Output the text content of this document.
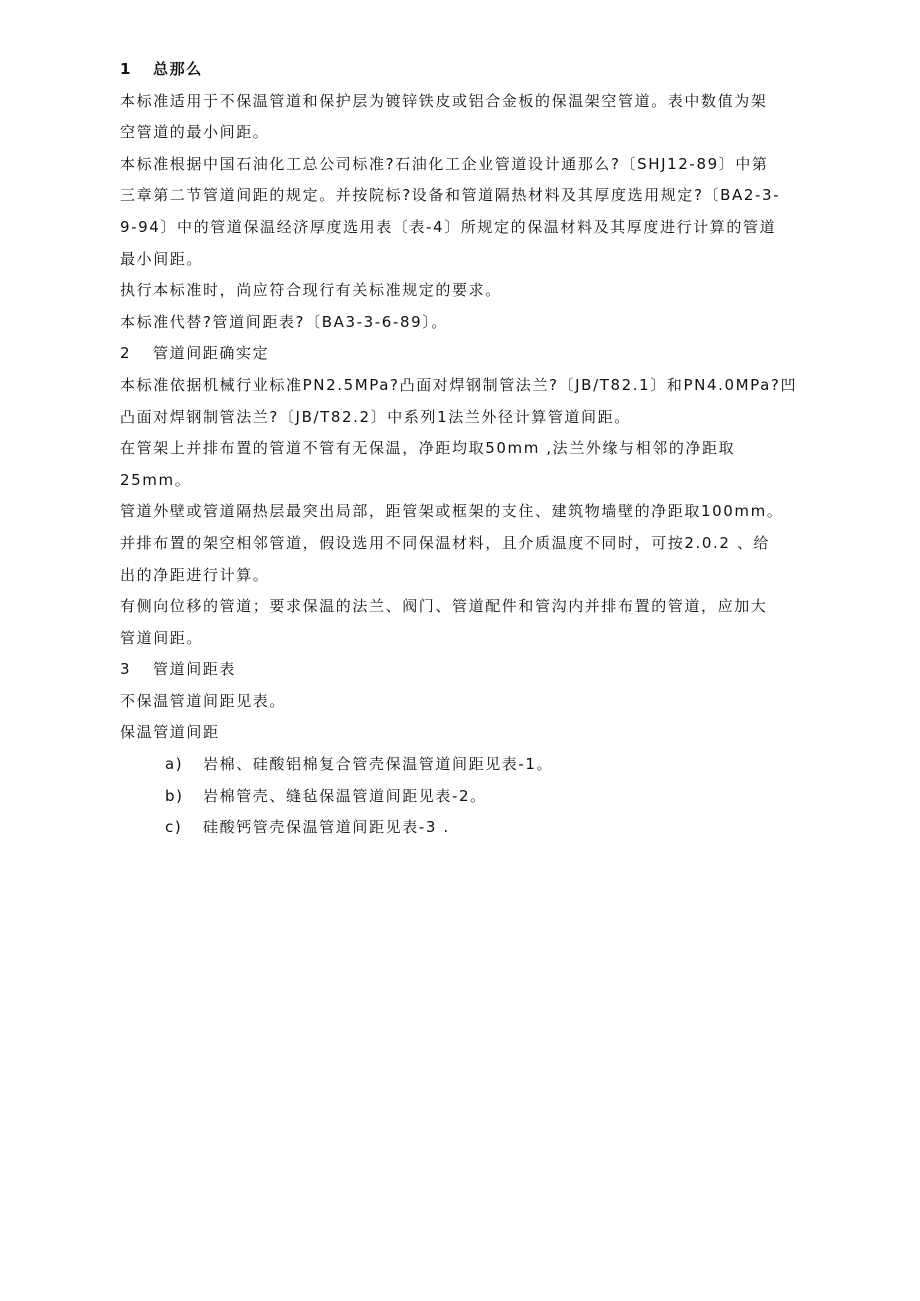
1	总那么
本标准适用于不保温管道和保护层为镀锌铁皮或铝合金板的保温架空管道。表中数值为架
空管道的最小间距。
本标准根据中国石油化工总公司标准?石油化工企业管道设计通那么?〔SHJ12-89〕中第
三章第二节管道间距的规定。并按院标?设备和管道隔热材料及其厚度选用规定?〔BA2-3-
9-94〕中的管道保温经济厚度选用表〔表-4〕所规定的保温材料及其厚度进行计算的管道
最小间距。
执行本标准时，尚应符合现行有关标准规定的要求。
本标准代替?管道间距表?〔BA3-3-6-89〕。
2	管道间距确实定
本标准依据机械行业标准PN2.5MPa?凸面对焊钢制管法兰?〔JB/T82.1〕和PN4.0MPa?凹
凸面对焊钢制管法兰?〔JB/T82.2〕中系列1法兰外径计算管道间距。
在管架上并排布置的管道不管有无保温，净距均取50mm ,法兰外缘与相邻的净距取
25mm。
管道外壁或管道隔热层最突出局部，距管架或框架的支住、建筑物墙壁的净距取100mm。
并排布置的架空相邻管道，假设选用不同保温材料，且介质温度不同时，可按2.0.2 、给
出的净距进行计算。
有侧向位移的管道；要求保温的法兰、阀门、管道配件和管沟内并排布置的管道，应加大
管道间距。
3	管道间距表
不保温管道间距见表。
保温管道间距
a)	岩棉、硅酸铝棉复合管壳保温管道间距见表-1。
b)	岩棉管壳、缝毡保温管道间距见表-2。
c)	硅酸钙管壳保温管道间距见表-3 .
